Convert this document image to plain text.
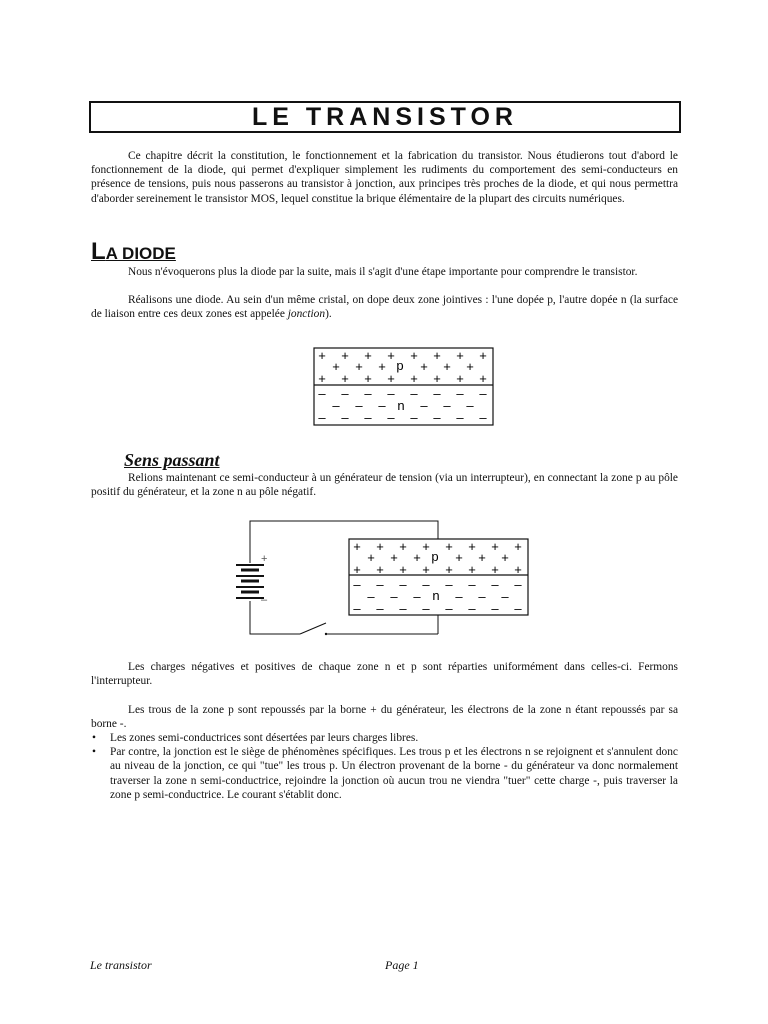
LE TRANSISTOR

Ce chapitre décrit la constitution, le fonctionnement et la fabrication du transistor. Nous étudierons tout d'abord le fonctionnement de la diode, qui permet d'expliquer simplement les rudiments du comportement des semi-conducteurs en présence de tensions, puis nous passerons au transistor à jonction, aux principes très proches de la diode, et qui nous permettra d'aborder sereinement le transistor MOS, lequel constitue la brique élémentaire de la plupart des circuits numériques.

LA DIODE

Nous n'évoquerons plus la diode par la suite, mais il s'agit d'une étape importante pour comprendre le transistor.

Réalisons une diode. Au sein d'un même cristal, on dope deux zone jointives : l'une dopée p, l'autre dopée n (la surface de liaison entre ces deux zones est appelée jonction).

+ + + + + + + +
+ + +	+ + +
+ + + + + + + +
– – – – – – – –
– – –	– – –
– – – – – – – –
p
n
Sens passant

Relions maintenant ce semi-conducteur à un générateur de tension (via un interrupteur), en connectant la zone p au pôle positif du générateur, et la zone n au pôle négatif.

+
–
+ + + + + + + +
+ + +	+ + +
+ + + + + + + +
– – – – – – – –
– – –	– – –
– – – – – – – –
p
n

Les charges négatives et positives de chaque zone n et p sont réparties uniformément dans celles-ci. Fermons l'interrupteur.

Les trous de la zone p sont repoussés par la borne + du générateur, les électrons de la zone n étant repoussés par sa borne -.

• Les zones semi-conductrices sont désertées par leurs charges libres.
• Par contre, la jonction est le siège de phénomènes spécifiques. Les trous p et les électrons n se rejoignent et s'annulent donc au niveau de la jonction, ce qui "tue" les trous p. Un électron provenant de la borne - du générateur va donc normalement traverser la zone n semi-conductrice, rejoindre la jonction où aucun trou ne viendra "tuer" cette charge -, puis traverser la zone p semi-conductrice. Le courant s'établit donc.
Le transistor	Page 1
